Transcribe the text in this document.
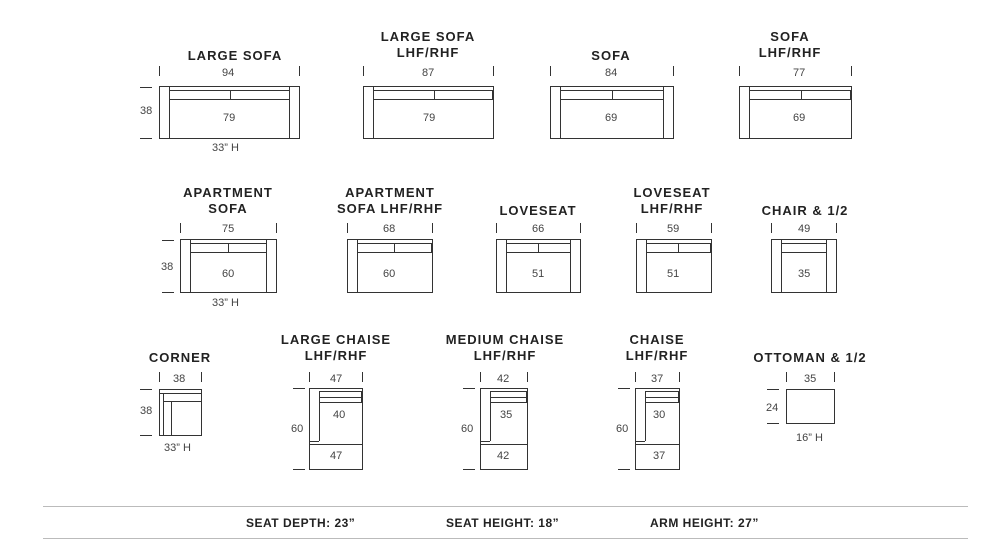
LARGE SOFA
94
38
79
33” H
LARGE SOFA
LHF/RHF
87
79
SOFA
84
69
SOFA
LHF/RHF
77
69
APARTMENT
SOFA
75
38
60
33” H
APARTMENT
SOFA LHF/RHF
68
60
LOVESEAT
66
51
LOVESEAT
LHF/RHF
59
51
CHAIR & 1/2
49
35
CORNER
38
38
33” H
LARGE CHAISE
LHF/RHF
47
60
40
47
MEDIUM CHAISE
LHF/RHF
42
60
35
42
CHAISE
LHF/RHF
37
60
30
37
OTTOMAN & 1/2
35
24
16” H
SEAT DEPTH: 23”	SEAT HEIGHT: 18”	ARM HEIGHT: 27”
